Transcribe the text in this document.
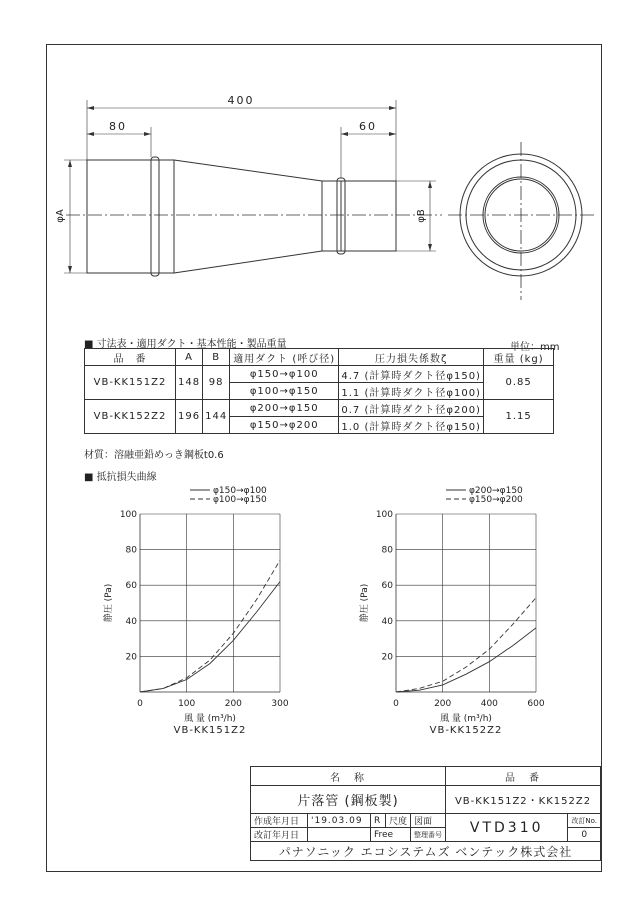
400
80	60
φA	φB
■ 寸法表・適用ダクト・基本性能・製品重量	単位：mm
品　番	A	B	適用ダクト (呼び径)	圧力損失係数ζ	重量 (kg)
VB-KK151Z2	148	98	φ150→φ100	4.7 (計算時ダクト径φ150)	0.85
			φ100→φ150	1.1 (計算時ダクト径φ100)	
VB-KK152Z2	196	144	φ200→φ150	0.7 (計算時ダクト径φ200)	1.15
			φ150→φ200	1.0 (計算時ダクト径φ150)	
材質：溶融亜鉛めっき鋼板t0.6
■ 抵抗損失曲線
φ150→φ100
φ100→φ150
20
40
60
80
100
0	100	200	300
静圧 (Pa)
風 量 (m³/h)
VB-KK151Z2
φ200→φ150
φ150→φ200
20
40
60
80
100
0	200	400	600
静圧 (Pa)
風 量 (m³/h)
VB-KK152Z2
名　称					品　番	
片落管 (鋼板製)					VB-KK151Z2・KK152Z2	
作成年月日	'19.03.09	R	尺度	図面	VTD310	改訂No.
改訂年月日		Free		整理番号		0
パナソニック エコシステムズ ベンテック株式会社						
